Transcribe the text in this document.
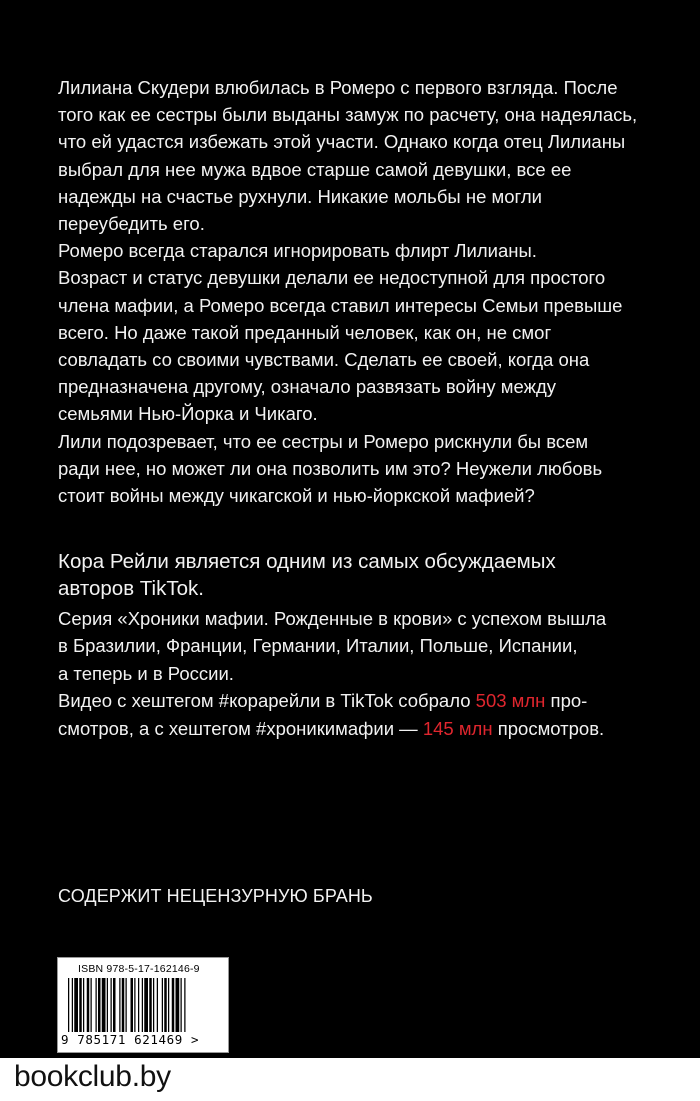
Лилиана Скудери влюбилась в Ромеро с первого взгляда. После

того как ее сестры были выданы замуж по расчету, она надеялась,

что ей удастся избежать этой участи. Однако когда отец Лилианы

выбрал для нее мужа вдвое старше самой девушки, все ее

надежды на счастье рухнули. Никакие мольбы не могли

переубедить его.

Ромеро всегда старался игнорировать флирт Лилианы.

Возраст и статус девушки делали ее недоступной для простого

члена мафии, а Ромеро всегда ставил интересы Семьи превыше

всего. Но даже такой преданный человек, как он, не смог

совладать со своими чувствами. Сделать ее своей, когда она

предназначена другому, означало развязать войну между

семьями Нью-Йорка и Чикаго.

Лили подозревает, что ее сестры и Ромеро рискнули бы всем

ради нее, но может ли она позволить им это? Неужели любовь

стоит войны между чикагской и нью-йоркской мафией?

Кора Рейли является одним из самых обсуждаемых
авторов TikTok.

Серия «Хроники мафии. Рожденные в крови» с успехом вышла

в Бразилии, Франции, Германии, Италии, Польше, Испании,

а теперь и в России.

Видео с хештегом #корарейли в TikTok собрало 503 млн про-

смотров, а с хештегом #хроникимафии — 145 млн просмотров.

СОДЕРЖИТ НЕЦЕНЗУРНУЮ БРАНЬ
ISBN 978-5-17-162146-9
9 785171 621469 >
bookclub.by
